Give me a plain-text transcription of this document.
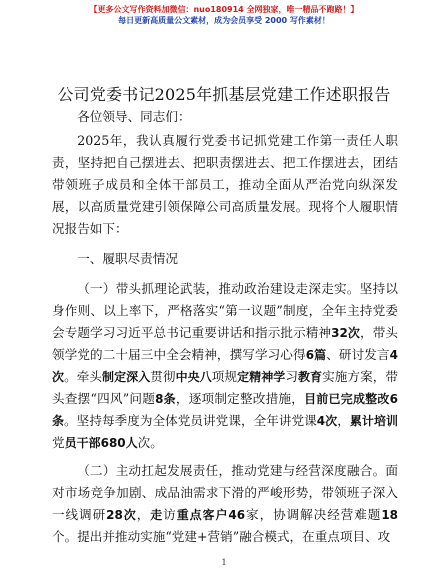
【更多公文写作资料加微信：nuo180914 全网独家，唯一精品不跑路！】
每日更新高质量公文素材，成为会员享受 2000 写作素材！
公司党委书记2025年抓基层党建工作述职报告

各位领导、同志们：

2025年，我认真履行党委书记抓党建工作第一责任人职责，坚持把自己摆进去、把职责摆进去、把工作摆进去，团结带领班子成员和全体干部员工，推动全面从严治党向纵深发展，以高质量党建引领保障公司高质量发展。现将个人履职情况报告如下：

一、履职尽责情况

（一）带头抓理论武装，推动政治建设走深走实。坚持以身作则、以上率下，严格落实“第一议题”制度，全年主持党委会专题学习习近平总书记重要讲话和指示批示精神32次，带头领学党的二十届三中全会精神，撰写学习心得6篇、研讨发言4次。牵头制定深入贯彻中央八项规定精神学习教育实施方案，带头查摆“四风”问题8条，逐项制定整改措施，目前已完成整改6条。坚持每季度为全体党员讲党课，全年讲党课4次，累计培训党员干部680人次。

（二）主动扛起发展责任，推动党建与经营深度融合。面对市场竞争加剧、成品油需求下滑的严峻形势，带领班子深入一线调研28次，走访重点客户46家，协调解决经营难题18个。提出并推动实施“党建+营销”融合模式，在重点项目、攻

1
